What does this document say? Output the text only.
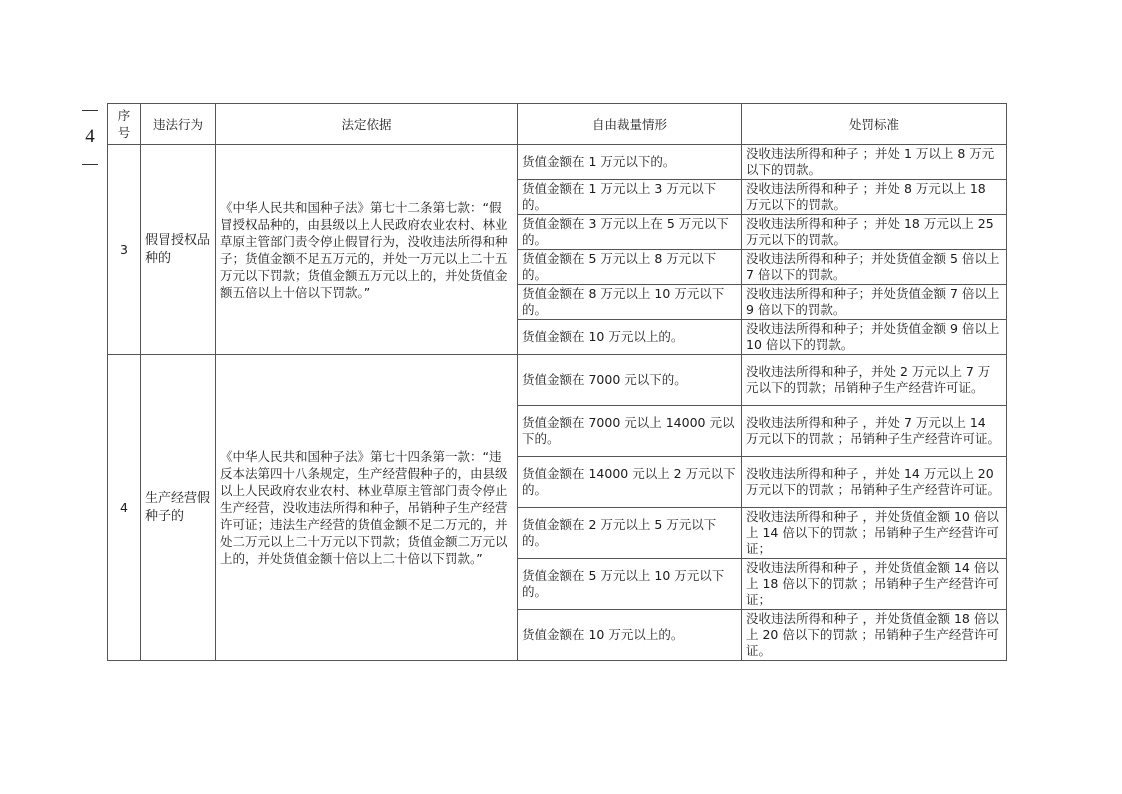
4
序号	违法行为	法定依据	自由裁量情形	处罚标准
3	假冒授权品种的	《中华人民共和国种子法》第七十二条第七款：“假冒授权品种的，由县级以上人民政府农业农村、林业草原主管部门责令停止假冒行为，没收违法所得和种子；货值金额不足五万元的，并处一万元以上二十五万元以下罚款；货值金额五万元以上的，并处货值金额五倍以上十倍以下罚款。”	货值金额在 1 万元以下的。	没收违法所得和种子 ；并处 1 万以上 8 万元以下的罚款。
			货值金额在 1 万元以上 3 万元以下的。	没收违法所得和种子 ；并处 8 万元以上 18 万元以下的罚款。
			货值金额在 3 万元以上在 5 万元以下的。	没收违法所得和种子 ；并处 18 万元以上 25 万元以下的罚款。
			货值金额在 5 万元以上 8 万元以下的。	没收违法所得和种子；并处货值金额 5 倍以上 7 倍以下的罚款。
			货值金额在 8 万元以上 10 万元以下的。	没收违法所得和种子；并处货值金额 7 倍以上 9 倍以下的罚款。
			货值金额在 10 万元以上的。	没收违法所得和种子；并处货值金额 9 倍以上 10 倍以下的罚款。
4	生产经营假种子的	《中华人民共和国种子法》第七十四条第一款：“违反本法第四十八条规定，生产经营假种子的，由县级以上人民政府农业农村、林业草原主管部门责令停止生产经营，没收违法所得和种子，吊销种子生产经营许可证；违法生产经营的货值金额不足二万元的，并处二万元以上二十万元以下罚款；货值金额二万元以上的，并处货值金额十倍以上二十倍以下罚款。”	货值金额在 7000 元以下的。	没收违法所得和种子，并处 2 万元以上 7 万元以下的罚款；吊销种子生产经营许可证。
			货值金额在 7000 元以上 14000 元以下的。	没收违法所得和种子 ，并处 7 万元以上 14 万元以下的罚款 ；吊销种子生产经营许可证。
			货值金额在 14000 元以上 2 万元以下的。	没收违法所得和种子 ，并处 14 万元以上 20 万元以下的罚款 ；吊销种子生产经营许可证。
			货值金额在 2 万元以上 5 万元以下的。	没收违法所得和种子 ，并处货值金额 10 倍以上 14 倍以下的罚款 ；吊销种子生产经营许可证；
			货值金额在 5 万元以上 10 万元以下的。	没收违法所得和种子 ，并处货值金额 14 倍以上 18 倍以下的罚款 ；吊销种子生产经营许可证；
			货值金额在 10 万元以上的。	没收违法所得和种子 ，并处货值金额 18 倍以上 20 倍以下的罚款 ；吊销种子生产经营许可证。
